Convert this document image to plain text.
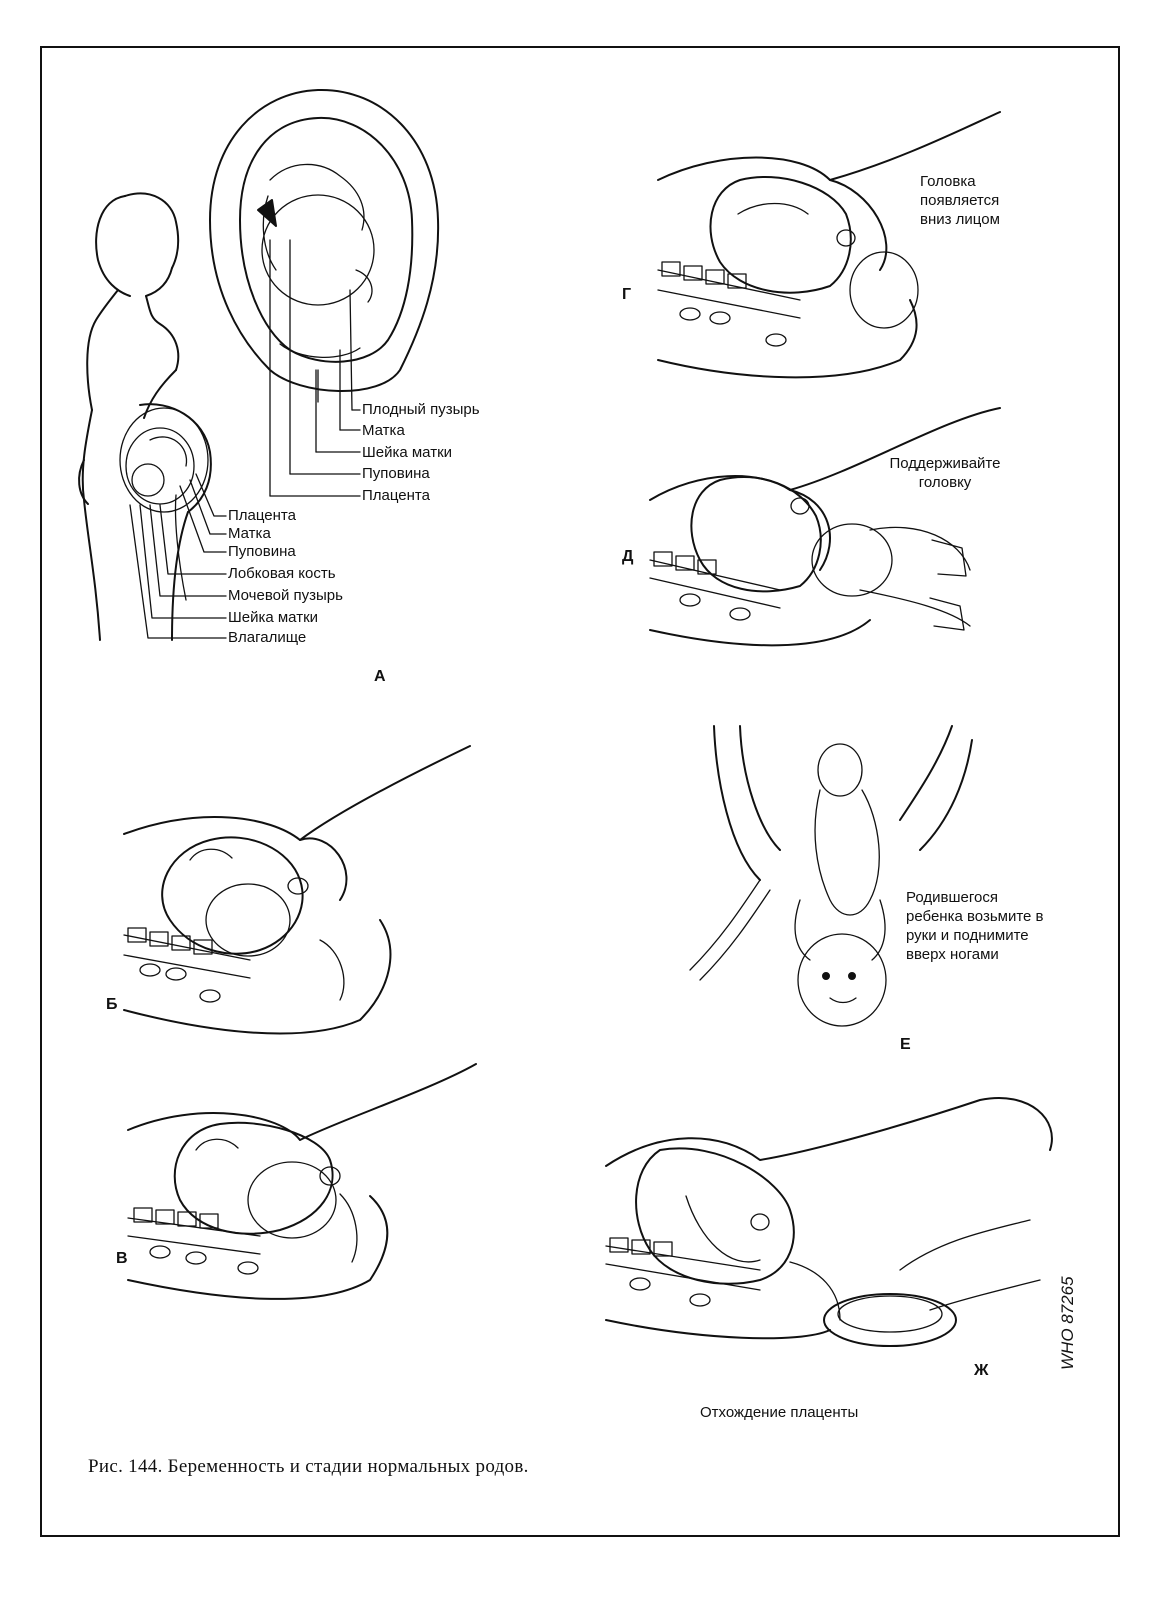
Плодный пузырь
Матка
Шейка матки
Пуповина
Плацента
Плацента
Матка
Пуповина
Лобковая кость
Мочевой пузырь
Шейка матки
Влагалище
А
Б
В
Г
Д
Е
Ж
Головка появляется вниз лицом
Поддерживайте головку
Родившегося ребенка возьмите в руки и поднимите вверх ногами
Отхождение плаценты
WHO 87265
Рис. 144. Беременность и стадии нормальных родов.
